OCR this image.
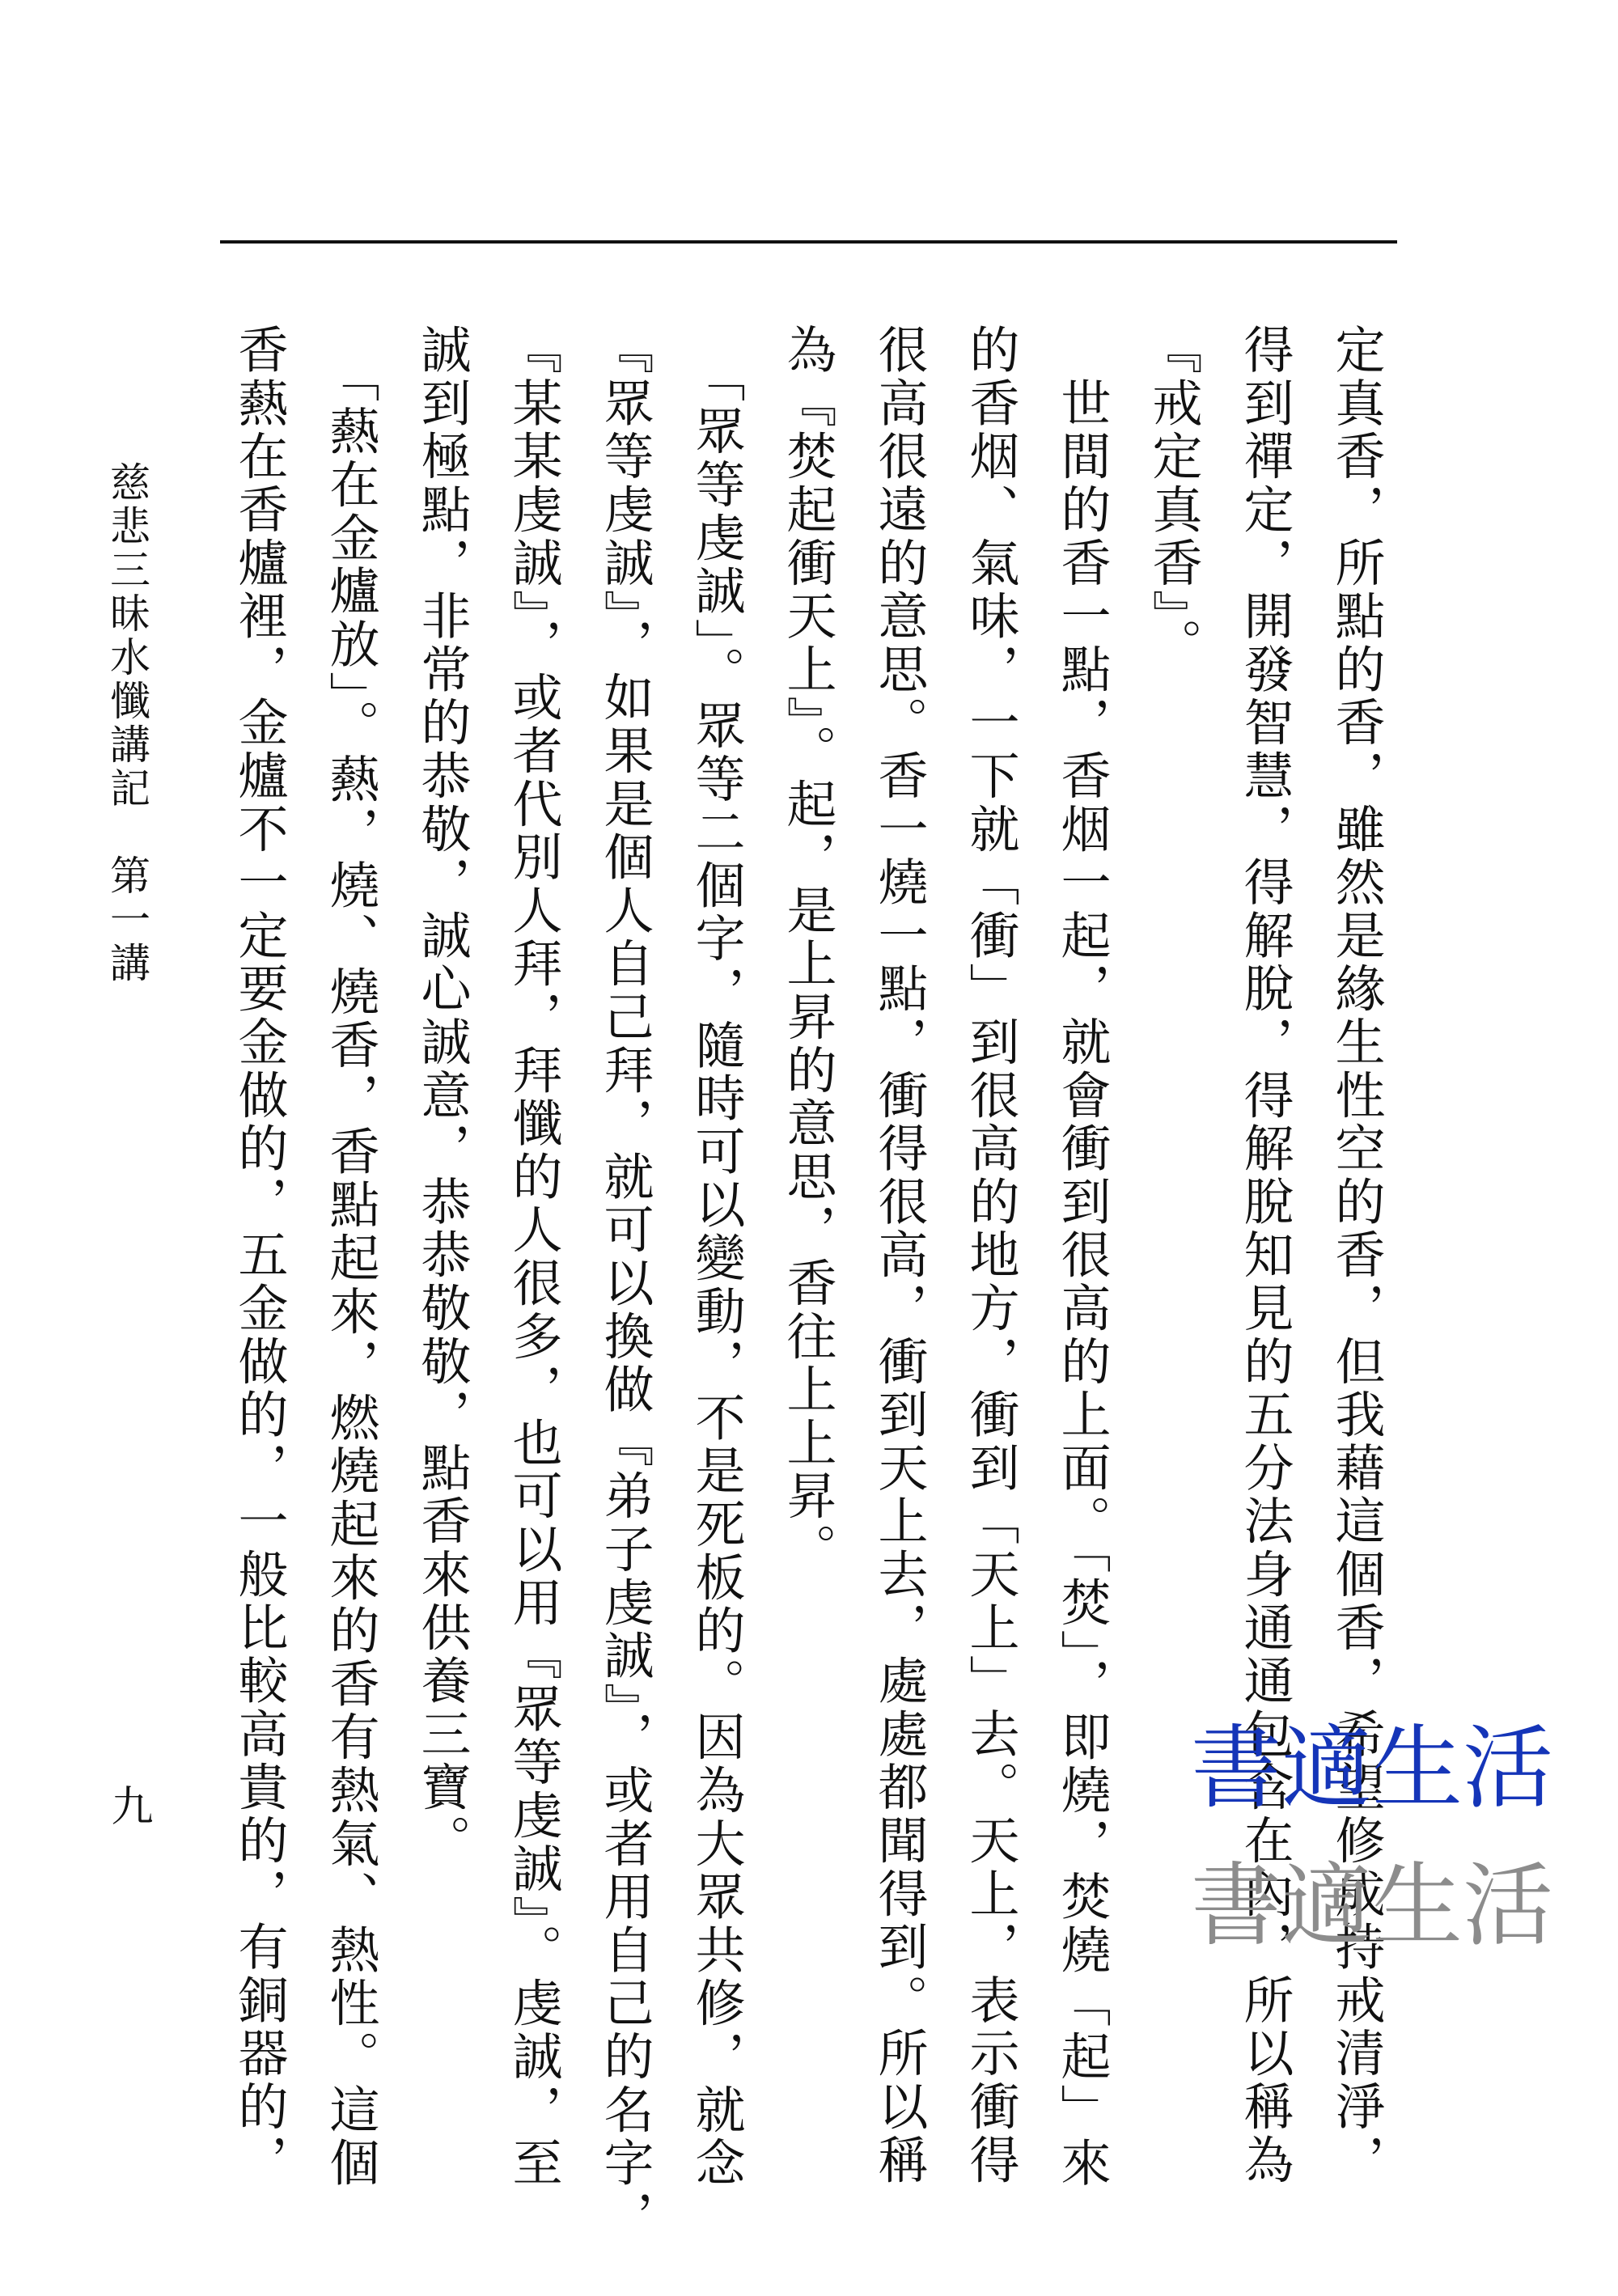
定真香，所點的香，雖然是緣生性空的香，但我藉這個香，希望修成持戒清淨，
得到禪定，開發智慧，得解脫，得解脫知見的五分法身通通包含在內，所以稱為
『戒定真香』。
　世間的香一點，香烟一起，就會衝到很高的上面。「焚」，即燒，焚燒「起」來
的香烟、氣味，一下就「衝」到很高的地方，衝到「天上」去。天上，表示衝得
很高很遠的意思。香一燒一點，衝得很高，衝到天上去，處處都聞得到。所以稱
為『焚起衝天上』。起，是上昇的意思，香往上上昇。
　「眾等虔誠」。眾等二個字，隨時可以變動，不是死板的。因為大眾共修，就念
『眾等虔誠』，如果是個人自己拜，就可以換做『弟子虔誠』，或者用自己的名字，
『某某虔誠』，或者代別人拜，拜懺的人很多，也可以用『眾等虔誠』。虔誠，至
誠到極點，非常的恭敬，誠心誠意，恭恭敬敬，點香來供養三寶。
　「爇在金爐放」。爇，燒、燒香，香點起來，燃燒起來的香有熱氣、熱性。這個
香爇在香爐裡，金爐不一定要金做的，五金做的，一般比較高貴的，有銅器的，
慈悲三昧水懺講記　第一講
九	書適生活
書適生活
